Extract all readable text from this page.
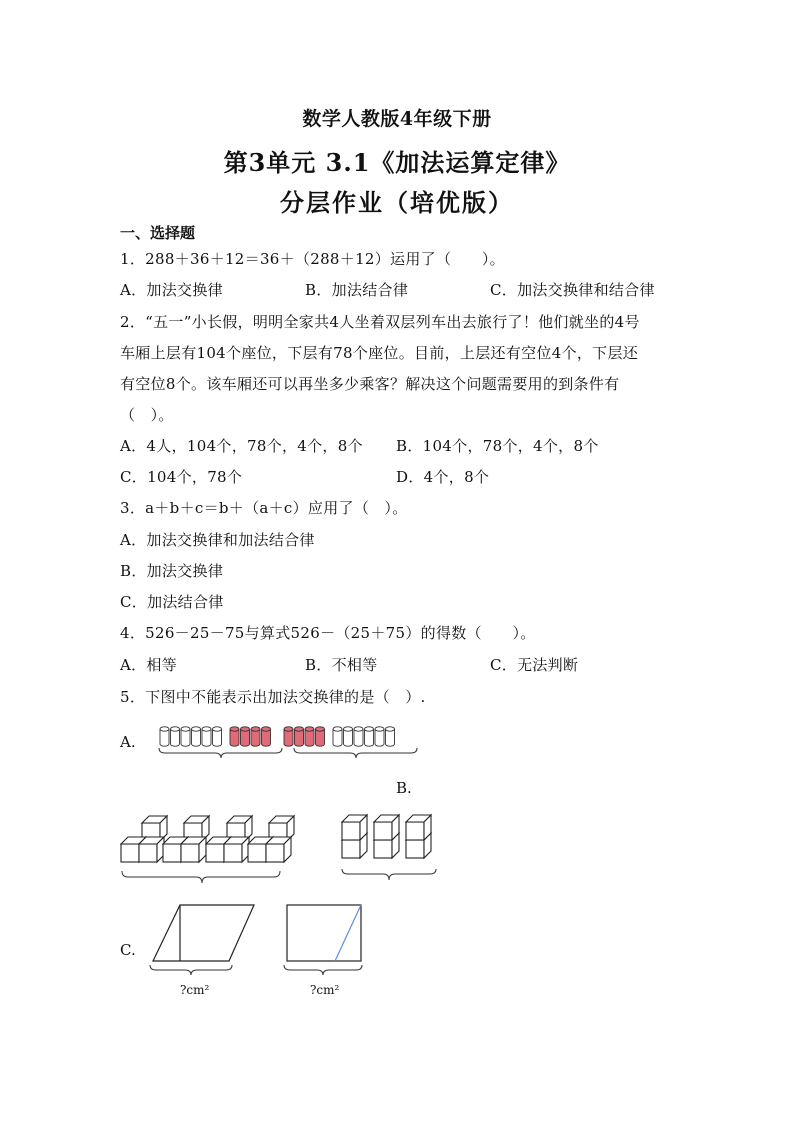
数学人教版4年级下册
第3单元 3.1《加法运算定律》
分层作业（培优版）
一、选择题
1．288＋36＋12＝36＋（288＋12）运用了（　　）。
A．加法交换律	B．加法结合律	C．加法交换律和结合律
2．“五一”小长假，明明全家共4人坐着双层列车出去旅行了！他们就坐的4号
车厢上层有104个座位，下层有78个座位。目前，上层还有空位4个，下层还
有空位8个。该车厢还可以再坐多少乘客？解决这个问题需要用的到条件有
（　）。
A．4人，104个，78个，4个，8个 B．104个，78个，4个，8个
C．104个，78个	D．4个，8个
3．a＋b＋c＝b＋（a＋c）应用了（　）。
A．加法交换律和加法结合律
B．加法交换律
C．加法结合律
4．526－25－75与算式526－（25＋75）的得数（　　）。
A．相等	B．不相等	C．无法判断
5．下图中不能表示出加法交换律的是（　）.
A.
B.
C.
?cm²	?cm²
